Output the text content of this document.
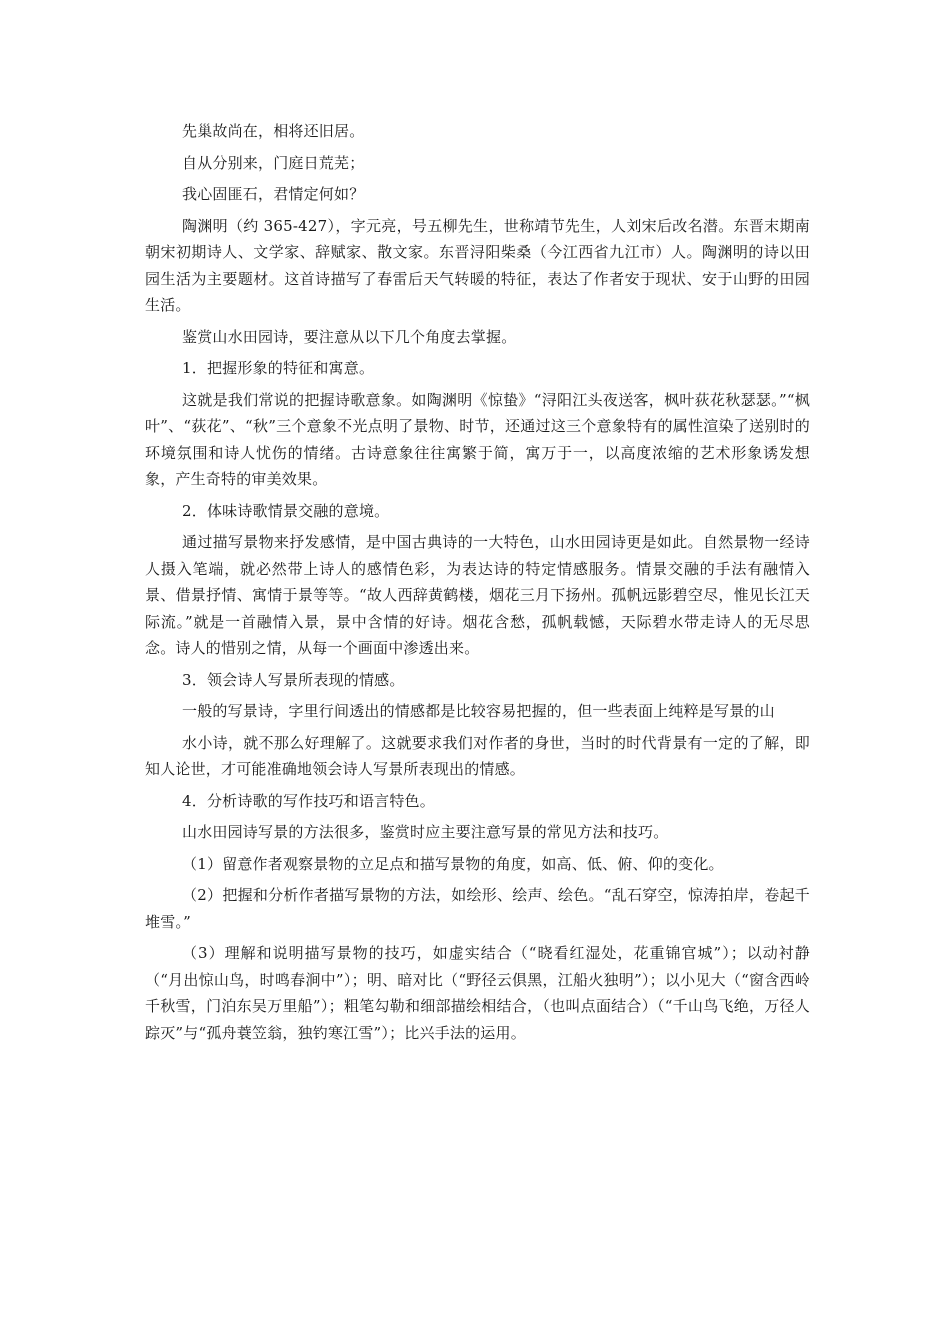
先巢故尚在，相将还旧居。

自从分别来，门庭日荒芜；

我心固匪石，君情定何如？

陶渊明（约 365-427），字元亮，号五柳先生，世称靖节先生，人刘宋后改名潜。东晋末期南朝宋初期诗人、文学家、辞赋家、散文家。东晋浔阳柴桑（今江西省九江市）人。陶渊明的诗以田园生活为主要题材。这首诗描写了春雷后天气转暖的特征，表达了作者安于现状、安于山野的田园生活。

鉴赏山水田园诗，要注意从以下几个角度去掌握。

1．把握形象的特征和寓意。

这就是我们常说的把握诗歌意象。如陶渊明《惊蛰》“浔阳江头夜送客，枫叶荻花秋瑟瑟。”“枫叶”、“荻花”、“秋”三个意象不光点明了景物、时节，还通过这三个意象特有的属性渲染了送别时的环境氛围和诗人忧伤的情绪。古诗意象往往寓繁于简，寓万于一，以高度浓缩的艺术形象诱发想象，产生奇特的审美效果。

2．体味诗歌情景交融的意境。

通过描写景物来抒发感情，是中国古典诗的一大特色，山水田园诗更是如此。自然景物一经诗人摄入笔端，就必然带上诗人的感情色彩，为表达诗的特定情感服务。情景交融的手法有融情入景、借景抒情、寓情于景等等。“故人西辞黄鹤楼，烟花三月下扬州。孤帆远影碧空尽，惟见长江天际流。”就是一首融情入景，景中含情的好诗。烟花含愁，孤帆载憾，天际碧水带走诗人的无尽思念。诗人的惜别之情，从每一个画面中渗透出来。

3．领会诗人写景所表现的情感。

一般的写景诗，字里行间透出的情感都是比较容易把握的，但一些表面上纯粹是写景的山

水小诗，就不那么好理解了。这就要求我们对作者的身世，当时的时代背景有一定的了解，即知人论世，才可能准确地领会诗人写景所表现出的情感。

4．分析诗歌的写作技巧和语言特色。

山水田园诗写景的方法很多，鉴赏时应主要注意写景的常见方法和技巧。

（1）留意作者观察景物的立足点和描写景物的角度，如高、低、俯、仰的变化。

（2）把握和分析作者描写景物的方法，如绘形、绘声、绘色。“乱石穿空，惊涛拍岸，卷起千堆雪。”

（3）理解和说明描写景物的技巧，如虚实结合（“晓看红湿处，花重锦官城”）；以动衬静（“月出惊山鸟，时鸣春涧中”）；明、暗对比（“野径云俱黑，江船火独明”）；以小见大（“窗含西岭千秋雪，门泊东吴万里船”）；粗笔勾勒和细部描绘相结合，（也叫点面结合）（“千山鸟飞绝，万径人踪灭”与“孤舟蓑笠翁，独钓寒江雪”）；比兴手法的运用。
